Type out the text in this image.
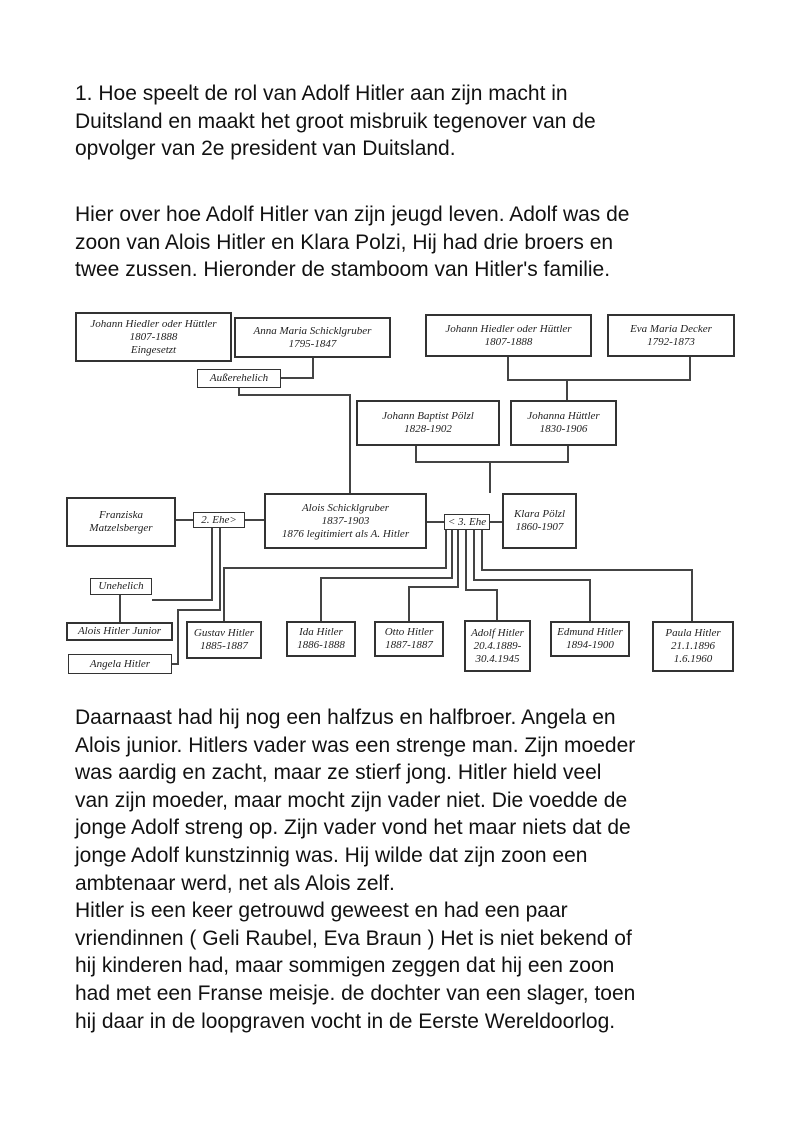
1. Hoe speelt de rol van Adolf Hitler aan zijn macht in
Duitsland en maakt het groot misbruik tegenover van de
opvolger van 2e president van Duitsland.
Hier over hoe Adolf Hitler van zijn jeugd leven. Adolf was de
zoon van Alois Hitler en Klara Polzi, Hij had drie broers en
twee zussen. Hieronder de stamboom van Hitler's familie.
Johann Hiedler oder Hüttler
1807-1888
Eingesetzt
Anna Maria Schicklgruber
1795-1847
Johann Hiedler oder Hüttler
1807-1888
Eva Maria Decker
1792-1873
Außerehelich
Johann Baptist Pölzl
1828-1902
Johanna Hüttler
1830-1906
Franziska
Matzelsberger
2. Ehe>
Alois Schicklgruber
1837-1903
1876 legitimiert als A. Hitler
< 3. Ehe
Klara Pölzl
1860-1907
Unehelich
Alois Hitler Junior
Angela Hitler
Gustav Hitler
1885-1887
Ida Hitler
1886-1888
Otto Hitler
1887-1887
Adolf Hitler
20.4.1889-
30.4.1945
Edmund Hitler
1894-1900
Paula Hitler
21.1.1896
1.6.1960
Daarnaast had hij nog een halfzus en halfbroer. Angela en
Alois junior. Hitlers vader was een strenge man. Zijn moeder
was aardig en zacht, maar ze stierf jong. Hitler hield veel
van zijn moeder, maar mocht zijn vader niet. Die voedde de
jonge Adolf streng op. Zijn vader vond het maar niets dat de
jonge Adolf kunstzinnig was. Hij wilde dat zijn zoon een
ambtenaar werd, net als Alois zelf.
Hitler is een keer getrouwd geweest en had een paar
vriendinnen ( Geli Raubel, Eva Braun ) Het is niet bekend of
hij kinderen had, maar sommigen zeggen dat hij een zoon
had met een Franse meisje. de dochter van een slager, toen
hij daar in de loopgraven vocht in de Eerste Wereldoorlog.
